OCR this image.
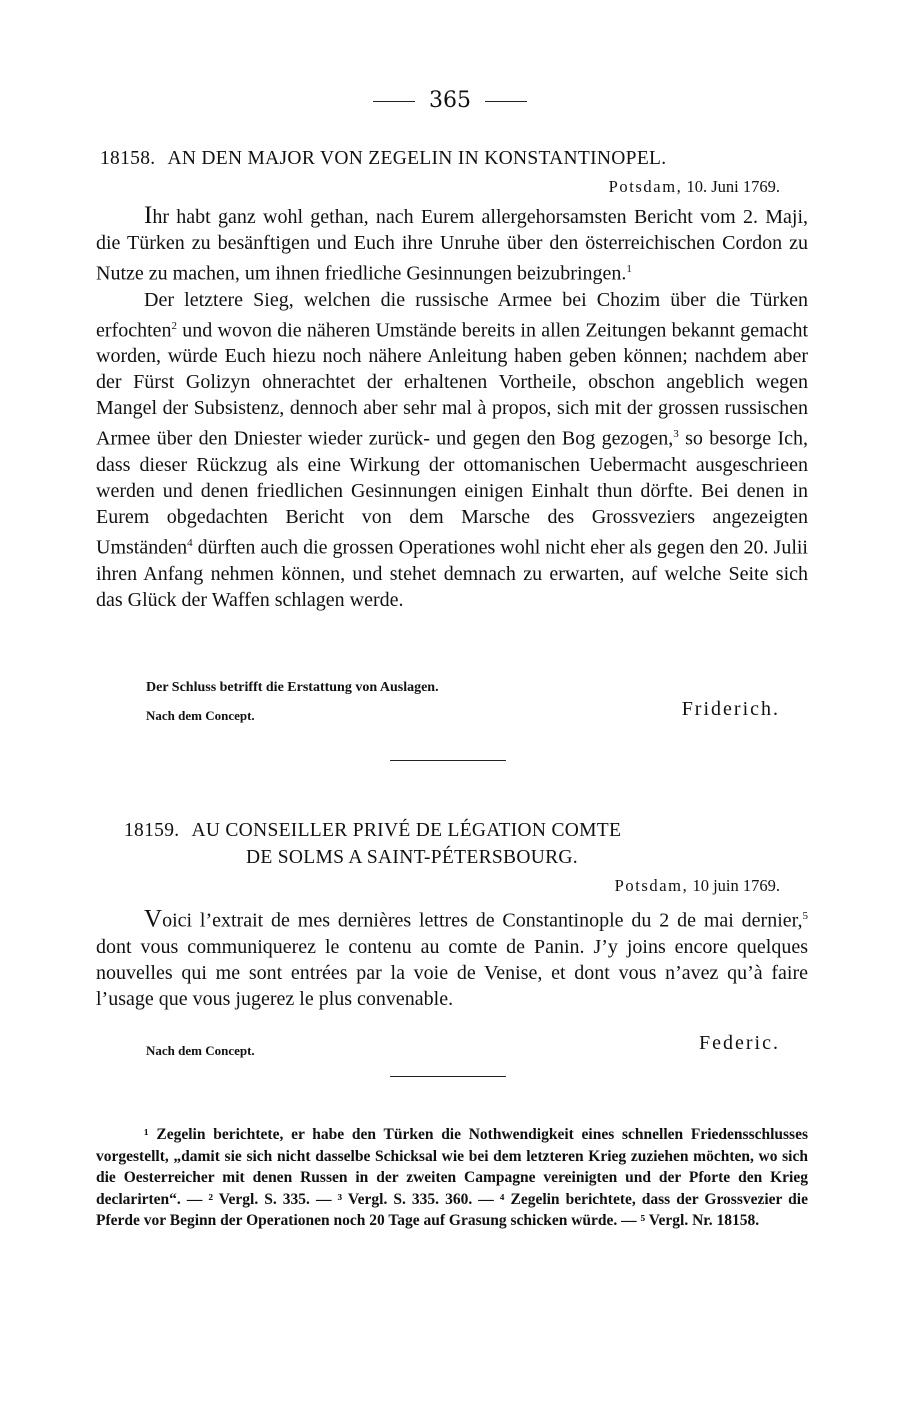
365
18158. AN DEN MAJOR VON ZEGELIN IN KONSTANTINOPEL.
Potsdam, 10. Juni 1769.

Ihr habt ganz wohl gethan, nach Eurem allergehorsamsten Bericht vom 2. Maji, die Türken zu besänftigen und Euch ihre Unruhe über den österreichischen Cordon zu Nutze zu machen, um ihnen friedliche Gesinnungen beizubringen.$^1$

Der letztere Sieg, welchen die russische Armee bei Chozim über die Türken erfochten$^2$ und wovon die näheren Umstände bereits in allen Zeitungen bekannt gemacht worden, würde Euch hiezu noch nähere Anleitung haben geben können; nachdem aber der Fürst Golizyn ohnerachtet der erhaltenen Vortheile, obschon angeblich wegen Mangel der Subsistenz, dennoch aber sehr mal à propos, sich mit der grossen russischen Armee über den Dniester wieder zurück- und gegen den Bog gezogen,$^3$ so besorge Ich, dass dieser Rückzug als eine Wirkung der ottomanischen Uebermacht ausgeschrieen werden und denen friedlichen Gesinnungen einigen Einhalt thun dörfte. Bei denen in Eurem obgedachten Bericht von dem Marsche des Grossveziers angezeigten Umständen$^4$ dürften auch die grossen Operationes wohl nicht eher als gegen den 20. Julii ihren Anfang nehmen können, und stehet demnach zu erwarten, auf welche Seite sich das Glück der Waffen schlagen werde.

Der Schluss betrifft die Erstattung von Auslagen.
Nach dem Concept.	Friderich.
18159. AU CONSEILLER PRIVÉ DE LÉGATION COMTE
DE SOLMS A SAINT-PÉTERSBOURG.
Potsdam, 10 juin 1769.

Voici l’extrait de mes dernières lettres de Constantinople du 2 de mai dernier,$^5$ dont vous communiquerez le contenu au comte de Panin. J’y joins encore quelques nouvelles qui me sont entrées par la voie de Venise, et dont vous n’avez qu’à faire l’usage que vous jugerez le plus convenable.

Nach dem Concept.	Federic.

¹ Zegelin berichtete, er habe den Türken die Nothwendigkeit eines schnellen Friedensschlusses vorgestellt, „damit sie sich nicht dasselbe Schicksal wie bei dem letzteren Krieg zuziehen möchten, wo sich die Oesterreicher mit denen Russen in der zweiten Campagne vereinigten und der Pforte den Krieg declarirten“. — ² Vergl. S. 335. — ³ Vergl. S. 335. 360. — ⁴ Zegelin berichtete, dass der Grossvezier die Pferde vor Beginn der Operationen noch 20 Tage auf Grasung schicken würde. — ⁵ Vergl. Nr. 18158.
